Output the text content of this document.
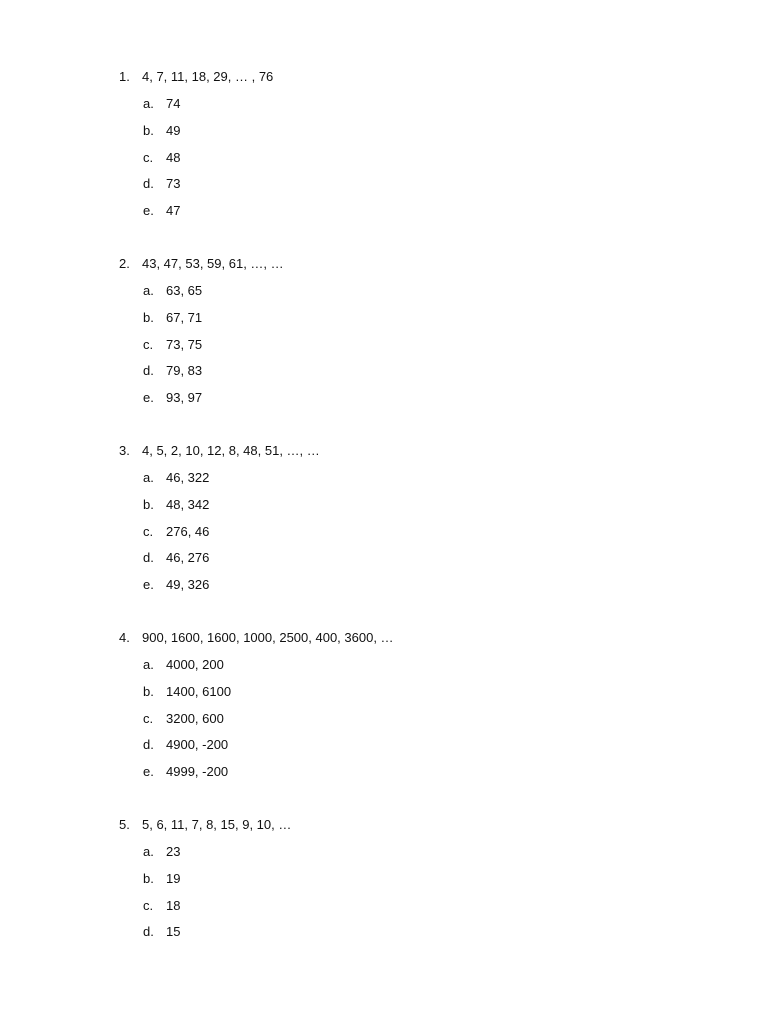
1. 4, 7, 11, 18, 29, … , 76
a. 74
b. 49
c. 48
d. 73
e. 47
2. 43, 47, 53, 59, 61, …, …
a. 63, 65
b. 67, 71
c. 73, 75
d. 79, 83
e. 93, 97
3. 4, 5, 2, 10, 12, 8, 48, 51, …, …
a. 46, 322
b. 48, 342
c. 276, 46
d. 46, 276
e. 49, 326
4. 900, 1600, 1600, 1000, 2500, 400, 3600, …
a. 4000, 200
b. 1400, 6100
c. 3200, 600
d. 4900, -200
e. 4999, -200
5. 5, 6, 11, 7, 8, 15, 9, 10, …
a. 23
b. 19
c. 18
d. 15
